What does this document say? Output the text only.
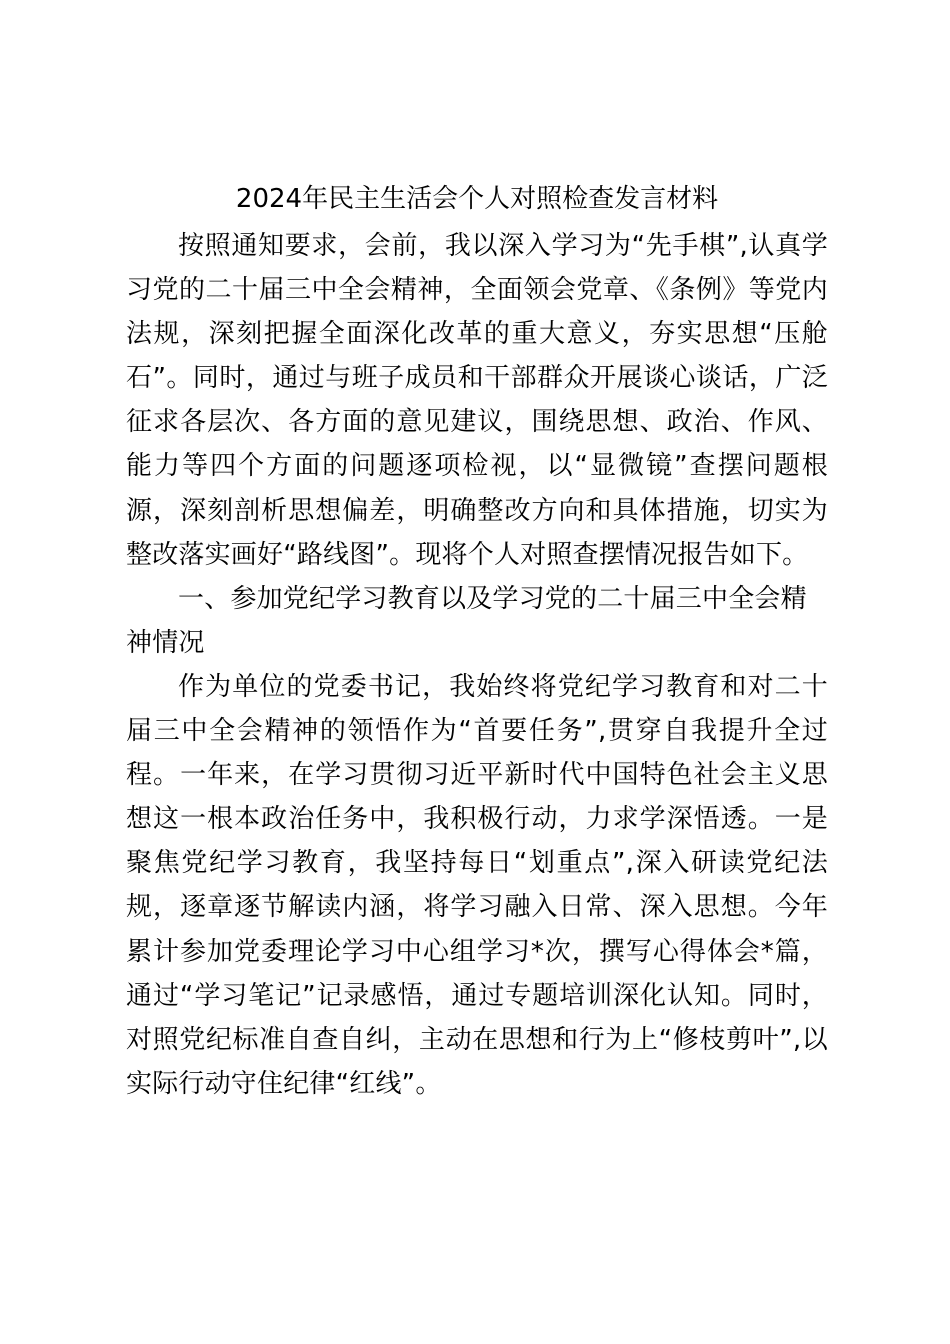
2024年民主生活会个人对照检查发言材料

按照通知要求，会前，我以深入学习为“先手棋”,认真学习党的二十届三中全会精神，全面领会党章、《条例》等党内法规，深刻把握全面深化改革的重大意义，夯实思想“压舱石”。同时，通过与班子成员和干部群众开展谈心谈话，广泛征求各层次、各方面的意见建议，围绕思想、政治、作风、能力等四个方面的问题逐项检视，以“显微镜”查摆问题根源，深刻剖析思想偏差，明确整改方向和具体措施，切实为整改落实画好“路线图”。现将个人对照查摆情况报告如下。

一、参加党纪学习教育以及学习党的二十届三中全会精神情况

作为单位的党委书记，我始终将党纪学习教育和对二十届三中全会精神的领悟作为“首要任务”,贯穿自我提升全过程。一年来，在学习贯彻习近平新时代中国特色社会主义思想这一根本政治任务中，我积极行动，力求学深悟透。一是聚焦党纪学习教育，我坚持每日“划重点”,深入研读党纪法规，逐章逐节解读内涵，将学习融入日常、深入思想。今年累计参加党委理论学习中心组学习*次，撰写心得体会*篇，通过“学习笔记”记录感悟，通过专题培训深化认知。同时，对照党纪标准自查自纠，主动在思想和行为上“修枝剪叶”,以实际行动守住纪律“红线”。
